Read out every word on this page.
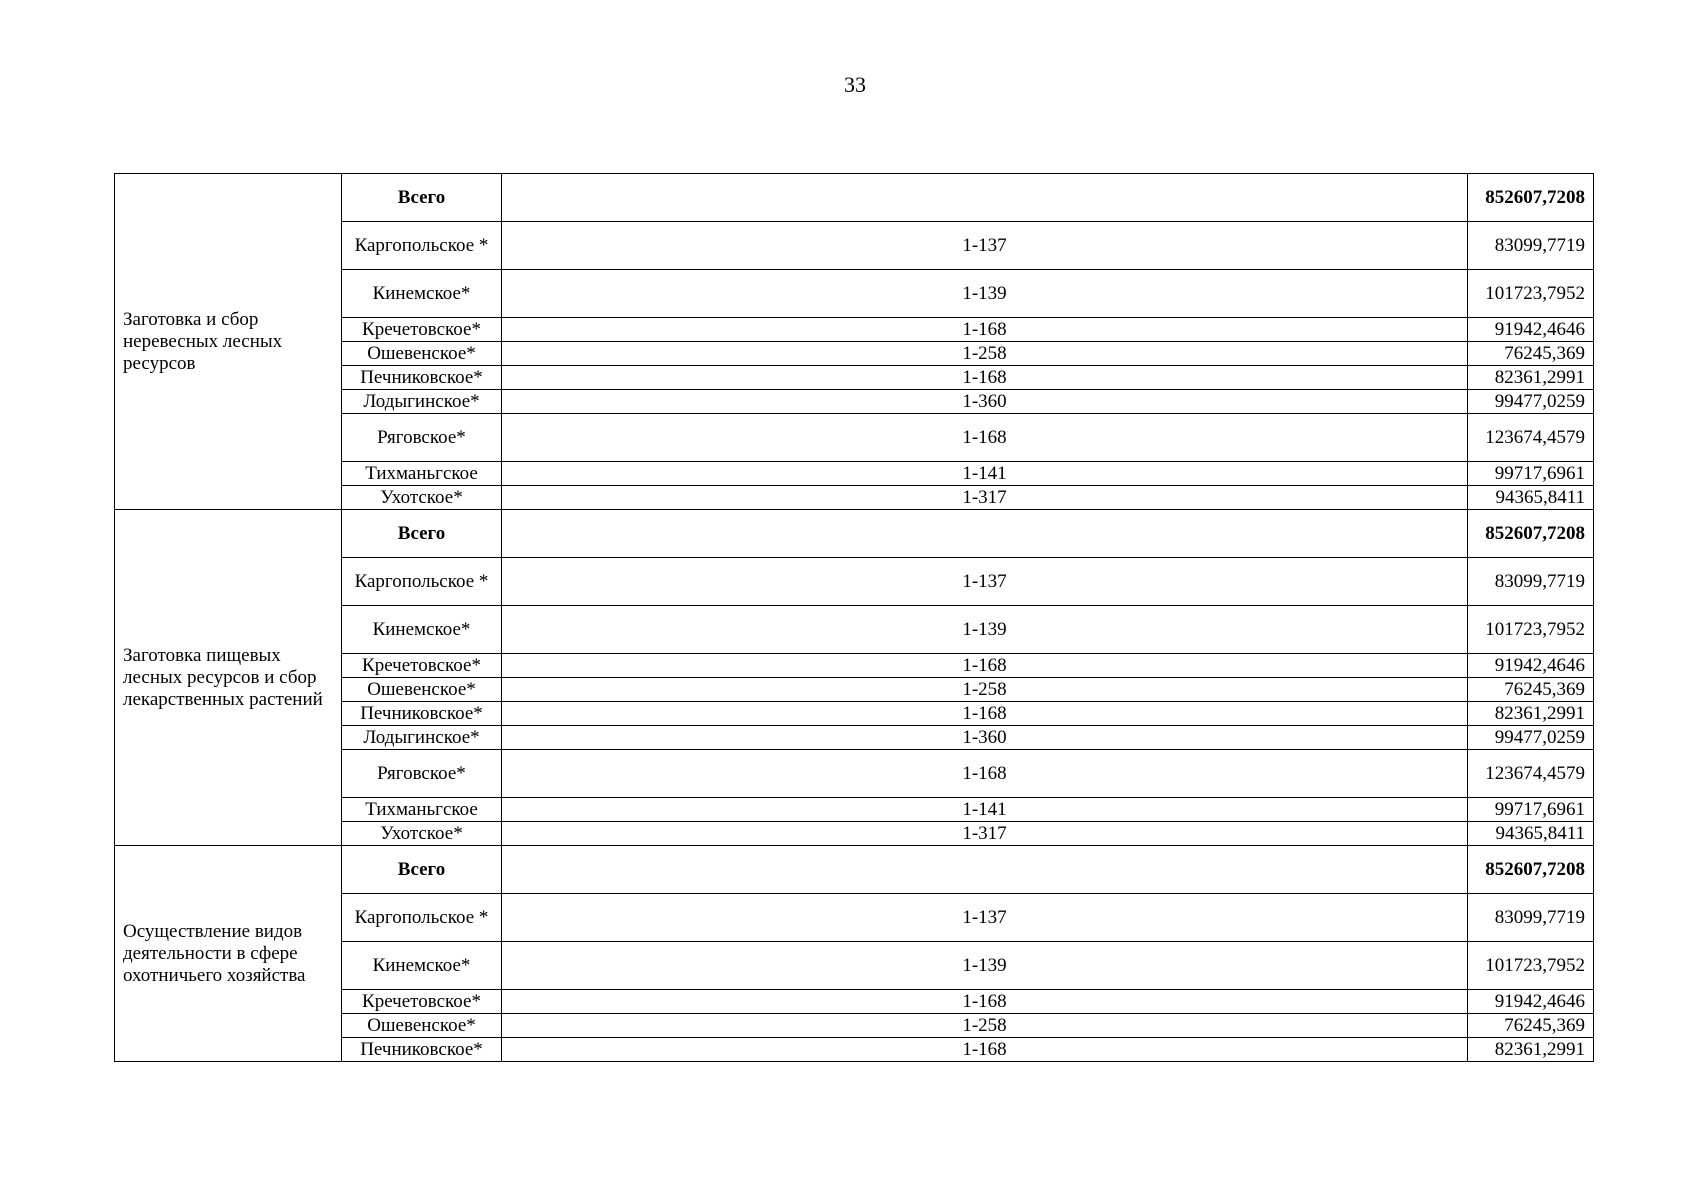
33
Заготовка и сбор неревесных лесных ресурсов	Всего		852607,7208
	Каргопольское *	1-137	83099,7719
	Кинемское*	1-139	101723,7952
	Кречетовское*	1-168	91942,4646
	Ошевенское*	1-258	76245,369
	Печниковское*	1-168	82361,2991
	Лодыгинское*	1-360	99477,0259
	Ряговское*	1-168	123674,4579
	Тихманьгское	1-141	99717,6961
	Ухотское*	1-317	94365,8411
Заготовка пищевых лесных ресурсов и сбор лекарственных растений	Всего		852607,7208
	Каргопольское *	1-137	83099,7719
	Кинемское*	1-139	101723,7952
	Кречетовское*	1-168	91942,4646
	Ошевенское*	1-258	76245,369
	Печниковское*	1-168	82361,2991
	Лодыгинское*	1-360	99477,0259
	Ряговское*	1-168	123674,4579
	Тихманьгское	1-141	99717,6961
	Ухотское*	1-317	94365,8411
Осуществление видов деятельности в сфере охотничьего хозяйства	Всего		852607,7208
	Каргопольское *	1-137	83099,7719
	Кинемское*	1-139	101723,7952
	Кречетовское*	1-168	91942,4646
	Ошевенское*	1-258	76245,369
	Печниковское*	1-168	82361,2991
